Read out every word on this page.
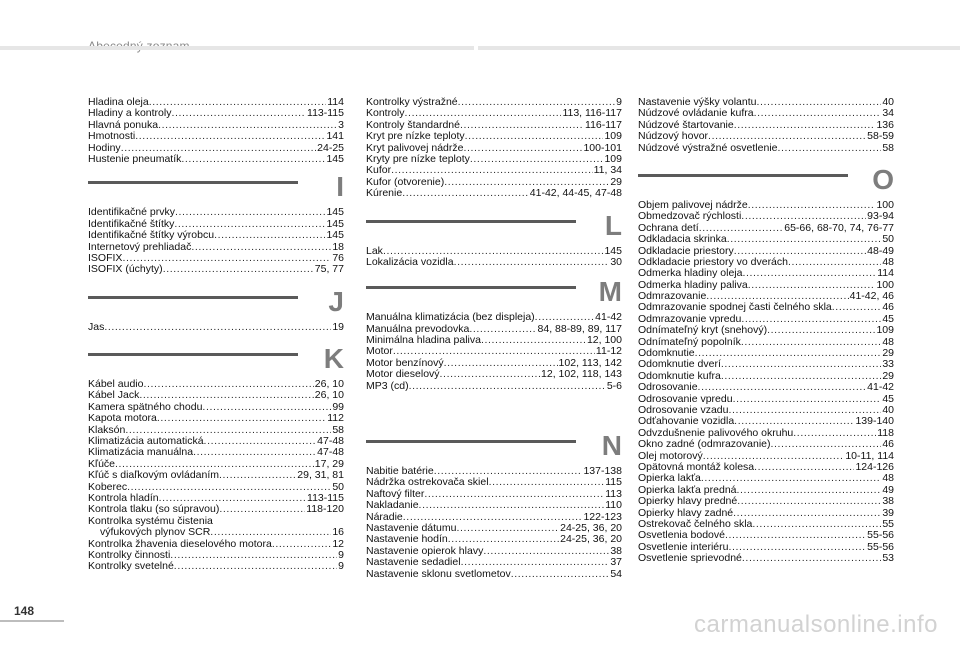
Hladina oleja .....	114
Hladiny a kontroly .....	113-115
Hlavná ponuka .....	3
Hmotnosti .....	141
Hodiny .....	24-25
Hustenie pneumatík .....	145
I
Identifikačné prvky .....	145
Identifikačné štítky .....	145
Identifikačné štítky výrobcu .....	145
Internetový prehliadač .....	18
ISOFIX .....	76
ISOFIX (úchyty) .....	75, 77
J
Jas .....	19
K
Kábel audio .....	26, 10
Kábel Jack .....	26, 10
Kamera spätného chodu .....	99
Kapota motora .....	112
Klaksón .....	58
Klimatizácia automatická .....	47-48
Klimatizácia manuálna .....	47-48
Kľúče .....	17, 29
Kľúč s diaľkovým ovládaním .....	29, 31, 81
Koberec .....	50
Kontrola hladín .....	113-115
Kontrola tlaku (so súpravou) .....	118-120
Kontrolka systému čistenia
výfukových plynov SCR .....	16
Kontrolka žhavenia dieselového motora .....	12
Kontrolky činnosti .....	9
Kontrolky svetelné .....	9
Kontrolky výstražné .....	9
Kontroly .....	113, 116-117
Kontroly štandardné .....	116-117
Kryt pre nízke teploty .....	109
Kryt palivovej nádrže .....	100-101
Kryty pre nízke teploty .....	109
Kufor .....	11, 34
Kufor (otvorenie) .....	29
Kúrenie .....	41-42, 44-45, 47-48
L
Lak .....	145
Lokalizácia vozidla .....	30
M
Manuálna klimatizácia (bez displeja) .....	41-42
Manuálna prevodovka .....	84, 88-89, 89, 117
Minimálna hladina paliva .....	12, 100
Motor .....	11-12
Motor benzínový .....	102, 113, 142
Motor dieselový .....	12, 102, 118, 143
MP3 (cd) .....	5-6
N
Nabitie batérie .....	137-138
Nádržka ostrekovača skiel .....	115
Naftový filter .....	113
Nakladanie .....	110
Náradie .....	122-123
Nastavenie dátumu .....	24-25, 36, 20
Nastavenie hodín .....	24-25, 36, 20
Nastavenie opierok hlavy .....	38
Nastavenie sedadiel .....	37
Nastavenie sklonu svetlometov .....	54
Nastavenie výšky volantu .....	40
Núdzové ovládanie kufra .....	34
Núdzové štartovanie .....	136
Núdzový hovor .....	58-59
Núdzové výstražné osvetlenie .....	58
O
Objem palivovej nádrže .....	100
Obmedzovač rýchlosti .....	93-94
Ochrana detí .....	65-66, 68-70, 74, 76-77
Odkladacia skrinka .....	50
Odkladacie priestory .....	48-49
Odkladacie priestory vo dverách .....	48
Odmerka hladiny oleja .....	114
Odmerka hladiny paliva .....	100
Odmrazovanie .....	41-42, 46
Odmrazovanie spodnej časti čelného skla .....	46
Odmrazovanie vpredu .....	45
Odnímateľný kryt (snehový) .....	109
Odnímateľný popolník .....	48
Odomknutie .....	29
Odomknutie dverí .....	33
Odomknutie kufra .....	29
Odrosovanie .....	41-42
Odrosovanie vpredu .....	45
Odrosovanie vzadu .....	40
Odťahovanie vozidla .....	139-140
Odvzdušnenie palivového okruhu .....	118
Okno zadné (odmrazovanie) .....	46
Olej motorový .....	10-11, 114
Opätovná montáž kolesa .....	124-126
Opierka lakťa .....	48
Opierka lakťa predná .....	49
Opierky hlavy predné .....	38
Opierky hlavy zadné .....	39
Ostrekovač čelného skla .....	55
Osvetlenia bodové .....	55-56
Osvetlenie interiéru .....	55-56
Osvetlenie sprievodné .....	53
148	carmanualsonline.info
